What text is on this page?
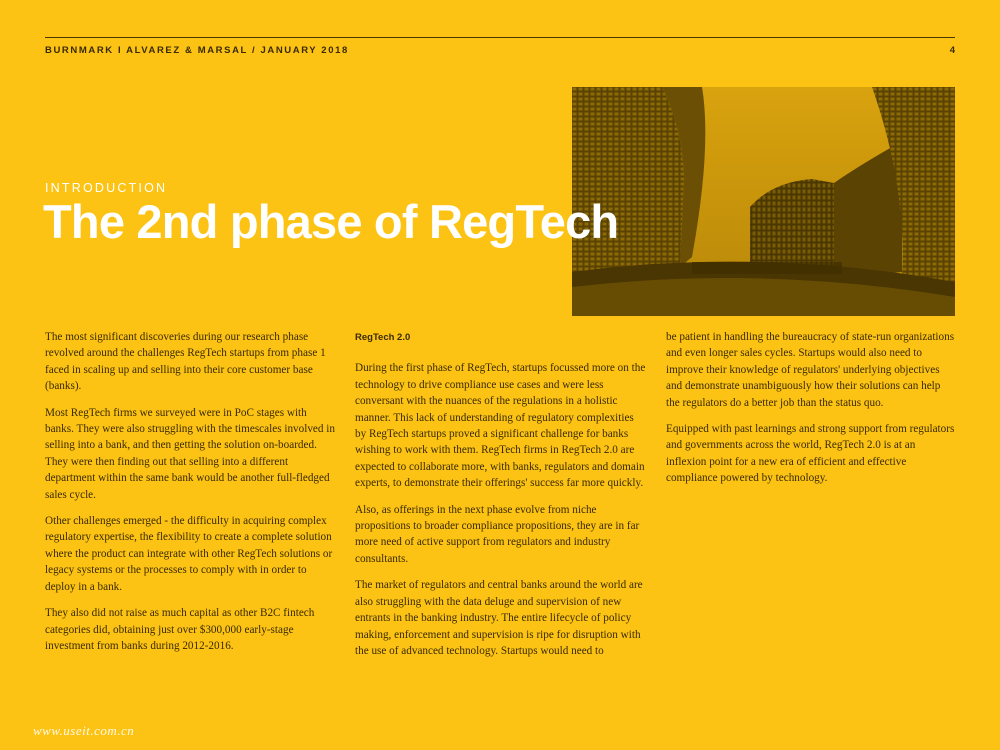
BURNMARK I ALVAREZ & MARSAL / JANUARY 2018	4
INTRODUCTION
The 2nd phase of RegTech

The most significant discoveries during our research phase revolved around the challenges RegTech startups from phase 1 faced in scaling up and selling into their core customer base (banks).

Most RegTech firms we surveyed were in PoC stages with banks. They were also struggling with the timescales involved in selling into a bank, and then getting the solution on-boarded. They were then finding out that selling into a different department within the same bank would be another full-fledged sales cycle.

Other challenges emerged - the difficulty in acquiring complex regulatory expertise, the flexibility to create a complete solution where the product can integrate with other RegTech solutions or legacy systems or the processes to comply with in order to deploy in a bank.

They also did not raise as much capital as other B2C fintech categories did, obtaining just over $300,000 early-stage investment from banks during 2012-2016.

RegTech 2.0

During the first phase of RegTech, startups focussed more on the technology to drive compliance use cases and were less conversant with the nuances of the regulations in a holistic manner. This lack of understanding of regulatory complexities by RegTech startups proved a significant challenge for banks wishing to work with them. RegTech firms in RegTech 2.0 are expected to collaborate more, with banks, regulators and domain experts, to demonstrate their offerings' success far more quickly.

Also, as offerings in the next phase evolve from niche propositions to broader compliance propositions, they are in far more need of active support from regulators and industry consultants.

The market of regulators and central banks around the world are also struggling with the data deluge and supervision of new entrants in the banking industry. The entire lifecycle of policy making, enforcement and supervision is ripe for disruption with the use of advanced technology. Startups would need to

be patient in handling the bureaucracy of state-run organizations and even longer sales cycles. Startups would also need to improve their knowledge of regulators' underlying objectives and demonstrate unambiguously how their solutions can help the regulators do a better job than the status quo.

Equipped with past learnings and strong support from regulators and governments across the world, RegTech 2.0 is at an inflexion point for a new era of efficient and effective compliance powered by technology.

www.useit.com.cn
